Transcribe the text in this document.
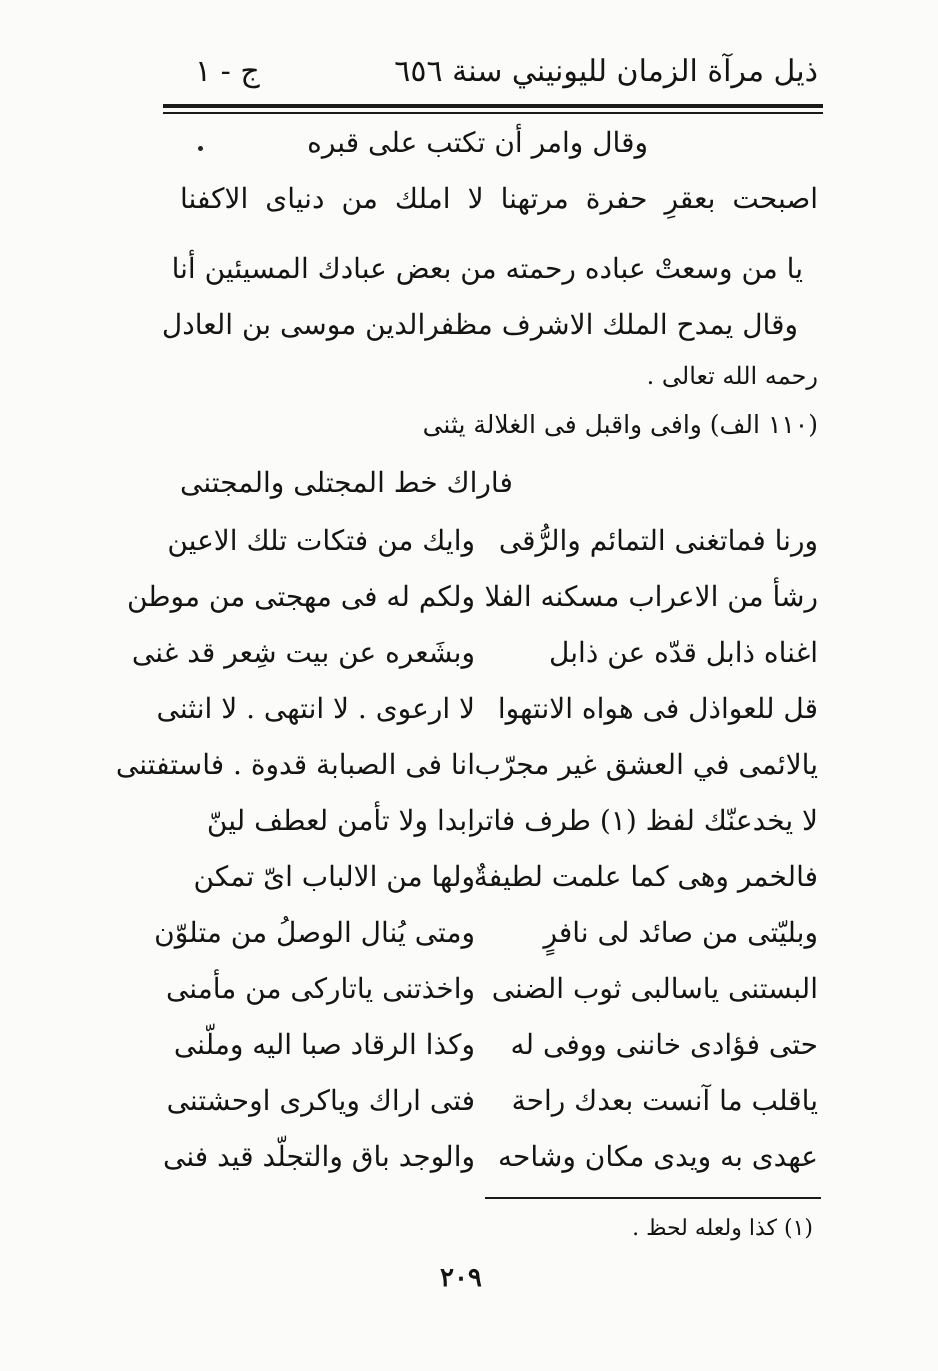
ذيل مرآة الزمان لليونيني سنة ٦٥٦
ج - ١
وقال وامر أن تكتب على قبره
اصبحت بعقرِ حفرة مرتهنا لا املك من دنياى الاكفنا
يا من وسعتْ عباده رحمته من بعض عبادك المسيئين أنا
وقال يمدح الملك الاشرف مظفرالدين موسى بن العادل
رحمه الله تعالى .
(١١٠ الف) وافى واقبل فى الغلالة يثنى
فاراك خط المجتلى والمجتنى
ورنا فماتغنى التمائم والرُّقى
وايك من فتكات تلك الاعين
رشأ من الاعراب مسكنه الفلا
ولكم له فى مهجتى من موطن
اغناه ذابل قدّه عن ذابل
وبشَعره عن بيت شِعر قد غنى
قل للعواذل فى هواه الانتهوا
لا ارعوى . لا انتهى . لا انثنى
يالائمى في العشق غير مجرّب
انا فى الصبابة قدوة . فاستفتنى
لا يخدعنّك لفظ (١) طرف فاتر
ابدا ولا تأمن لعطف لينّ
فالخمر وهى كما علمت لطيفةٌ
ولها من الالباب اىّ تمكن
وبليّتى من صائد لى نافرٍ
ومتى يُنال الوصلُ من متلوّن
البستنى ياسالبى ثوب الضنى
واخذتنى ياتاركى من مأمنى
حتى فؤادى خاننى ووفى له
وكذا الرقاد صبا اليه وملّنى
ياقلب ما آنست بعدك راحة
فتى اراك وياكرى اوحشتنى
عهدى به ويدى مكان وشاحه
والوجد باق والتجلّد قيد فنى
(١) كذا ولعله لحظ .
٢٠٩
